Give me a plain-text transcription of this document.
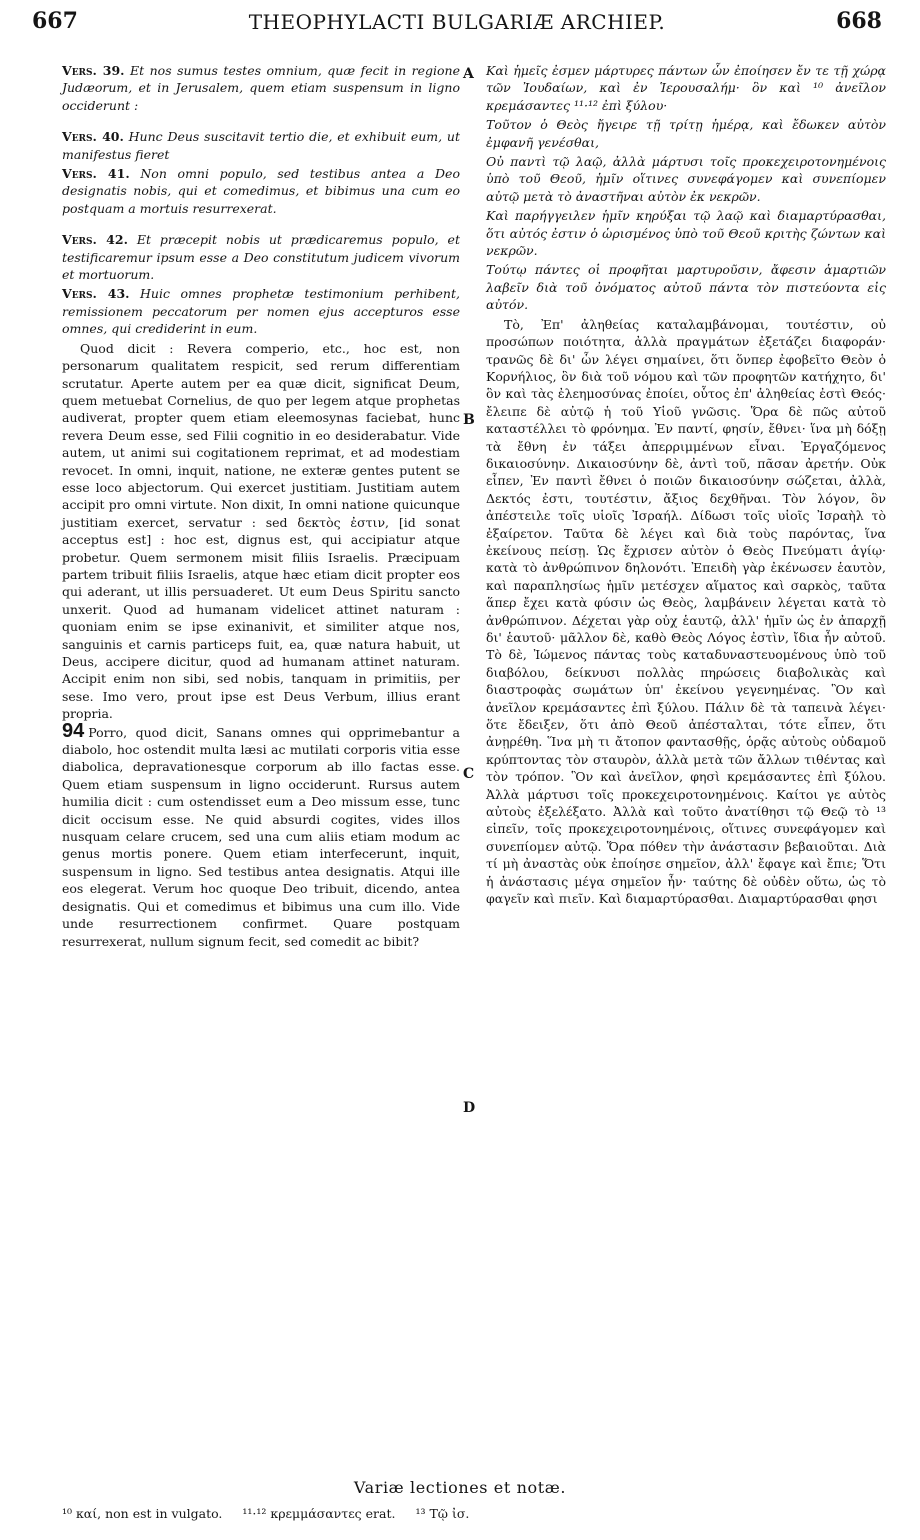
667	THEOPHYLACTI BULGARIÆ ARCHIEP.	668
A
B
C
D

Vers. 39. Et nos sumus testes omnium, quæ fecit in regione Judæorum, et in Jerusalem, quem etiam suspensum in ligno occiderunt :

Vers. 40. Hunc Deus suscitavit tertio die, et exhibuit eum, ut manifestus fieret

Vers. 41. Non omni populo, sed testibus antea a Deo designatis nobis, qui et comedimus, et bibimus una cum eo postquam a mortuis resurrexerat.

Vers. 42. Et præcepit nobis ut prædicaremus populo, et testificaremur ipsum esse a Deo constitutum judicem vivorum et mortuorum.

Vers. 43. Huic omnes prophetæ testimonium perhibent, remissionem peccatorum per nomen ejus accepturos esse omnes, qui crediderint in eum.

Quod dicit : Revera comperio, etc., hoc est, non personarum qualitatem respicit, sed rerum differentiam scrutatur. Aperte autem per ea quæ dicit, significat Deum, quem metuebat Cornelius, de quo per legem atque prophetas audiverat, propter quem etiam eleemosynas faciebat, hunc revera Deum esse, sed Filii cognitio in eo desiderabatur. Vide autem, ut animi sui cogitationem reprimat, et ad modestiam revocet. In omni, inquit, natione, ne exteræ gentes putent se esse loco abjectorum. Qui exercet justitiam. Justitiam autem accipit pro omni virtute. Non dixit, In omni natione quicunque justitiam exercet, servatur : sed δεκτὸς ἐστιν, [id sonat acceptus est] : hoc est, dignus est, qui accipiatur atque probetur. Quem sermonem misit filiis Israelis. Præcipuam partem tribuit filiis Israelis, atque hæc etiam dicit propter eos qui aderant, ut illis persuaderet. Ut eum Deus Spiritu sancto unxerit. Quod ad humanam videlicet attinet naturam : quoniam enim se ipse exinanivit, et similiter atque nos, sanguinis et carnis particeps fuit, ea, quæ natura habuit, ut Deus, accipere dicitur, quod ad humanam attinet naturam. Accipit enim non sibi, sed nobis, tanquam in primitiis, per sese. Imo vero, prout ipse est Deus Verbum, illius erant propria.

94 Porro, quod dicit, Sanans omnes qui opprimebantur a diabolo, hoc ostendit multa læsi ac mutilati corporis vitia esse diabolica, depravationesque corporum ab illo factas esse. Quem etiam suspensum in ligno occiderunt. Rursus autem humilia dicit : cum ostendisset eum a Deo missum esse, tunc dicit occisum esse. Ne quid absurdi cogites, vides illos nusquam celare crucem, sed una cum aliis etiam modum ac genus mortis ponere. Quem etiam interfecerunt, inquit, suspensum in ligno. Sed testibus antea designatis. Atqui ille eos elegerat. Verum hoc quoque Deo tribuit, dicendo, antea designatis. Qui et comedimus et bibimus una cum illo. Vide unde resurrectionem confirmet. Quare postquam resurrexerat, nullum signum fecit, sed comedit ac bibit?

Καὶ ἡμεῖς ἐσμεν μάρτυρες πάντων ὧν ἐποίησεν ἔν τε τῇ χώρᾳ τῶν Ἰουδαίων, καὶ ἐν Ἱερουσαλήμ· ὃν καὶ ¹⁰ ἀνεῖλον κρεμάσαντες ¹¹·¹² ἐπὶ ξύλου·

Τοῦτον ὁ Θεὸς ἤγειρε τῇ τρίτῃ ἡμέρᾳ, καὶ ἔδωκεν αὐτὸν ἐμφανῆ γενέσθαι,

Οὐ παντὶ τῷ λαῷ, ἀλλὰ μάρτυσι τοῖς προκεχειροτονημένοις ὑπὸ τοῦ Θεοῦ, ἡμῖν οἵτινες συνεφάγομεν καὶ συνεπίομεν αὐτῷ μετὰ τὸ ἀναστῆναι αὐτὸν ἐκ νεκρῶν.

Καὶ παρήγγειλεν ἡμῖν κηρύξαι τῷ λαῷ καὶ διαμαρτύρασθαι, ὅτι αὐτός ἐστιν ὁ ὡρισμένος ὑπὸ τοῦ Θεοῦ κριτὴς ζώντων καὶ νεκρῶν.

Τούτῳ πάντες οἱ προφῆται μαρτυροῦσιν, ἄφεσιν ἁμαρτιῶν λαβεῖν διὰ τοῦ ὀνόματος αὐτοῦ πάντα τὸν πιστεύοντα εἰς αὐτόν.

Τὸ, Ἐπ' ἀληθείας καταλαμβάνομαι, τουτέστιν, οὐ προσώπων ποιότητα, ἀλλὰ πραγμάτων ἐξετάζει διαφοράν· τρανῶς δὲ δι' ὧν λέγει σημαίνει, ὅτι ὅνπερ ἐφοβεῖτο Θεὸν ὁ Κορνήλιος, ὃν διὰ τοῦ νόμου καὶ τῶν προφητῶν κατήχητο, δι' ὃν καὶ τὰς ἐλεημοσύνας ἐποίει, οὗτος ἐπ' ἀληθείας ἐστὶ Θεός· ἔλειπε δὲ αὐτῷ ἡ τοῦ Υἱοῦ γνῶσις. Ὅρα δὲ πῶς αὐτοῦ καταστέλλει τὸ φρόνημα. Ἐν παντί, φησίν, ἔθνει· ἵνα μὴ δόξῃ τὰ ἔθνη ἐν τάξει ἀπερριμμένων εἶναι. Ἐργαζόμενος δικαιοσύνην. Δικαιοσύνην δὲ, ἀντὶ τοῦ, πᾶσαν ἀρετήν. Οὐκ εἶπεν, Ἐν παντὶ ἔθνει ὁ ποιῶν δικαιοσύνην σώζεται, ἀλλὰ, Δεκτός ἐστι, τουτέστιν, ἄξιος δεχθῆναι. Τὸν λόγον, ὃν ἀπέστειλε τοῖς υἱοῖς Ἰσραήλ. Δίδωσι τοῖς υἱοῖς Ἰσραὴλ τὸ ἐξαίρετον. Ταῦτα δὲ λέγει καὶ διὰ τοὺς παρόντας, ἵνα ἐκείνους πείσῃ. Ὡς ἔχρισεν αὐτὸν ὁ Θεὸς Πνεύματι ἁγίῳ· κατὰ τὸ ἀνθρώπινον δηλονότι. Ἐπειδὴ γὰρ ἐκένωσεν ἑαυτὸν, καὶ παραπλησίως ἡμῖν μετέσχεν αἵματος καὶ σαρκὸς, ταῦτα ἅπερ ἔχει κατὰ φύσιν ὡς Θεὸς, λαμβάνειν λέγεται κατὰ τὸ ἀνθρώπινον. Δέχεται γὰρ οὐχ ἑαυτῷ, ἀλλ' ἡμῖν ὡς ἐν ἀπαρχῇ δι' ἑαυτοῦ· μᾶλλον δὲ, καθὸ Θεὸς Λόγος ἐστὶν, ἴδια ἦν αὐτοῦ. Τὸ δὲ, Ἰώμενος πάντας τοὺς καταδυναστευομένους ὑπὸ τοῦ διαβόλου, δείκνυσι πολλὰς πηρώσεις διαβολικὰς καὶ διαστροφὰς σωμάτων ὑπ' ἐκείνου γεγενημένας. Ὃν καὶ ἀνεῖλον κρεμάσαντες ἐπὶ ξύλου. Πάλιν δὲ τὰ ταπεινὰ λέγει· ὅτε ἔδειξεν, ὅτι ἀπὸ Θεοῦ ἀπέσταλται, τότε εἶπεν, ὅτι ἀνῃρέθη. Ἵνα μὴ τι ἄτοπον φαντασθῇς, ὁρᾷς αὐτοὺς οὐδαμοῦ κρύπτοντας τὸν σταυρὸν, ἀλλὰ μετὰ τῶν ἄλλων τιθέντας καὶ τὸν τρόπον. Ὃν καὶ ἀνεῖλον, φησὶ κρεμάσαντες ἐπὶ ξύλου. Ἀλλὰ μάρτυσι τοῖς προκεχειροτονημένοις. Καίτοι γε αὐτὸς αὐτοὺς ἐξελέξατο. Ἀλλὰ καὶ τοῦτο ἀνατίθησι τῷ Θεῷ τὸ ¹³ εἰπεῖν, τοῖς προκεχειροτονημένοις, οἵτινες συνεφάγομεν καὶ συνεπίομεν αὐτῷ. Ὅρα πόθεν τὴν ἀνάστασιν βεβαιοῦται. Διὰ τί μὴ ἀναστὰς οὐκ ἐποίησε σημεῖον, ἀλλ' ἔφαγε καὶ ἔπιε; Ὅτι ἡ ἀνάστασις μέγα σημεῖον ἦν· ταύτης δὲ οὐδὲν οὕτω, ὡς τὸ φαγεῖν καὶ πιεῖν. Καὶ διαμαρτύρασθαι. Διαμαρτύρασθαι φησι

Variæ lectiones et notæ.
¹⁰ καί, non est in vulgato. ¹¹·¹² κρεμμάσαντες erat. ¹³ Τῷ ἰσ.
